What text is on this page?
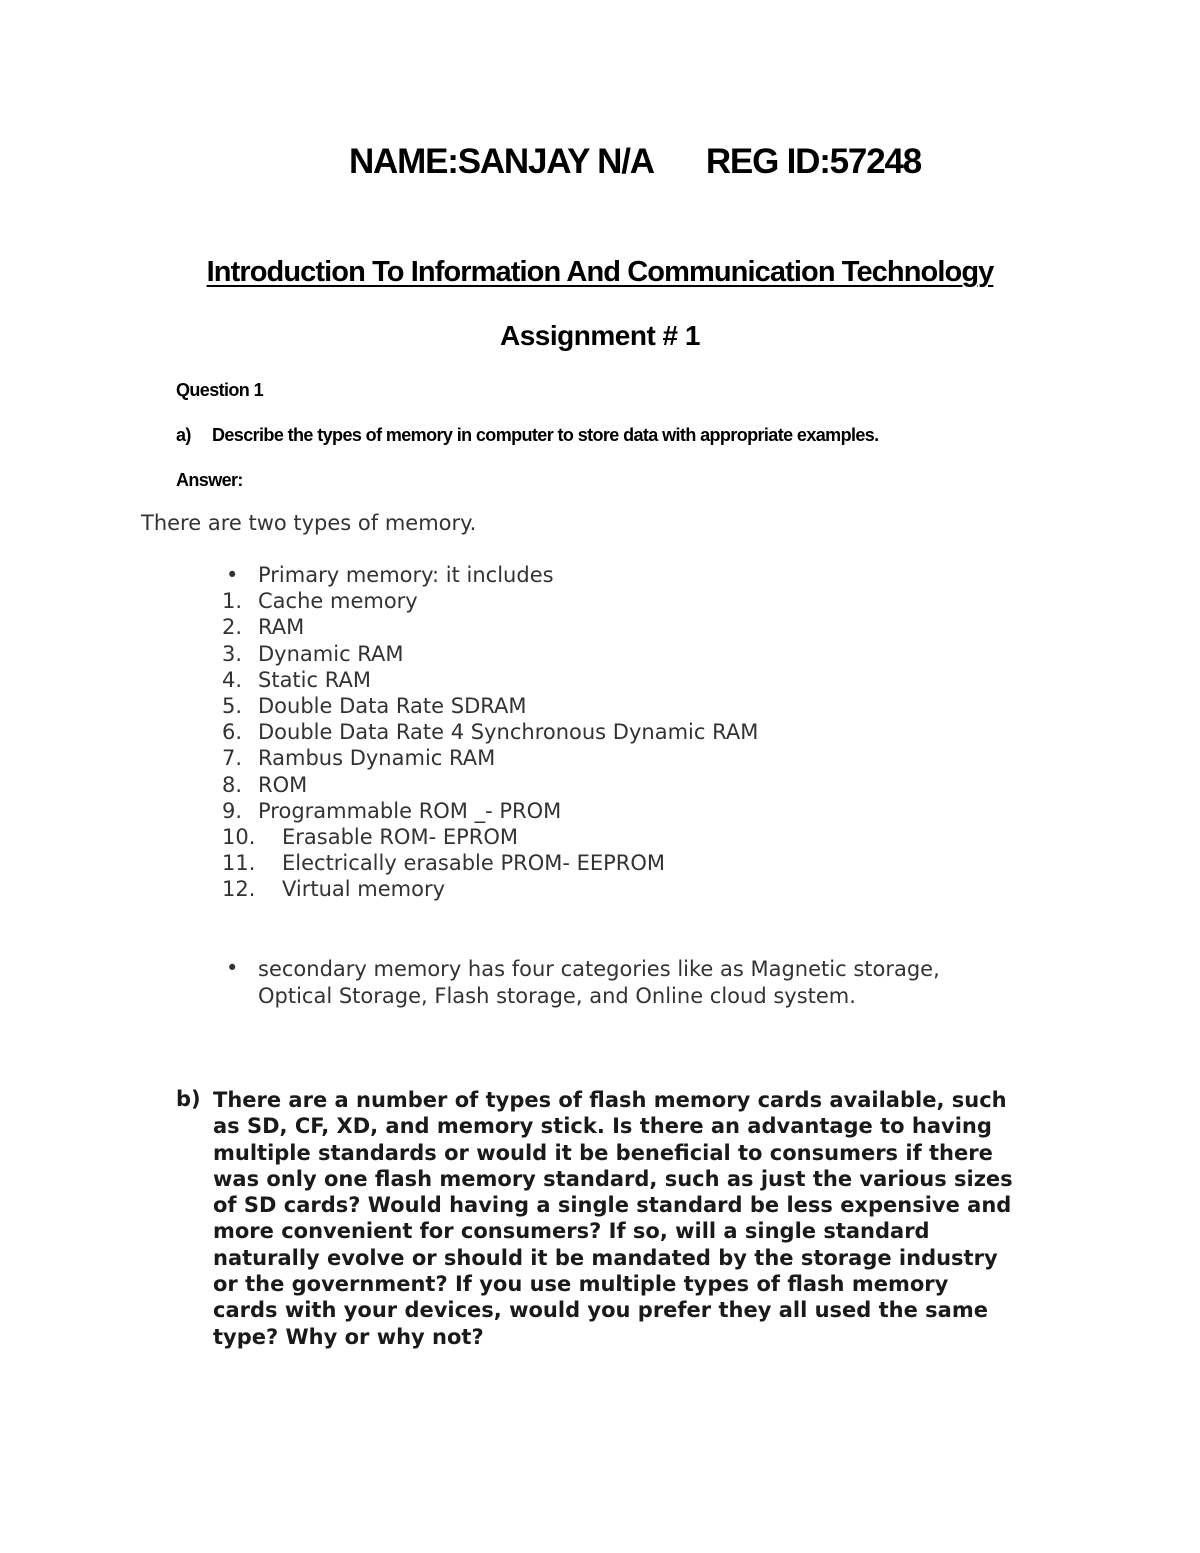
NAME:SANJAY N/A REG ID:57248
Introduction To Information And Communication Technology
Assignment # 1
Question 1
a) Describe the types of memory in computer to store data with appropriate examples.
Answer:
There are two types of memory.
• Primary memory: it includes
1. Cache memory
2. RAM
3. Dynamic RAM
4. Static RAM
5. Double Data Rate SDRAM
6. Double Data Rate 4 Synchronous Dynamic RAM
7. Rambus Dynamic RAM
8. ROM
9. Programmable ROM _- PROM
10. Erasable ROM- EPROM
11. Electrically erasable PROM- EEPROM
12. Virtual memory
• secondary memory has four categories like as Magnetic storage, Optical Storage, Flash storage, and Online cloud system.
b) There are a number of types of flash memory cards available, such as SD, CF, XD, and memory stick. Is there an advantage to having multiple standards or would it be beneficial to consumers if there was only one flash memory standard, such as just the various sizes of SD cards? Would having a single standard be less expensive and more convenient for consumers? If so, will a single standard naturally evolve or should it be mandated by the storage industry or the government? If you use multiple types of flash memory cards with your devices, would you prefer they all used the same type? Why or why not?
